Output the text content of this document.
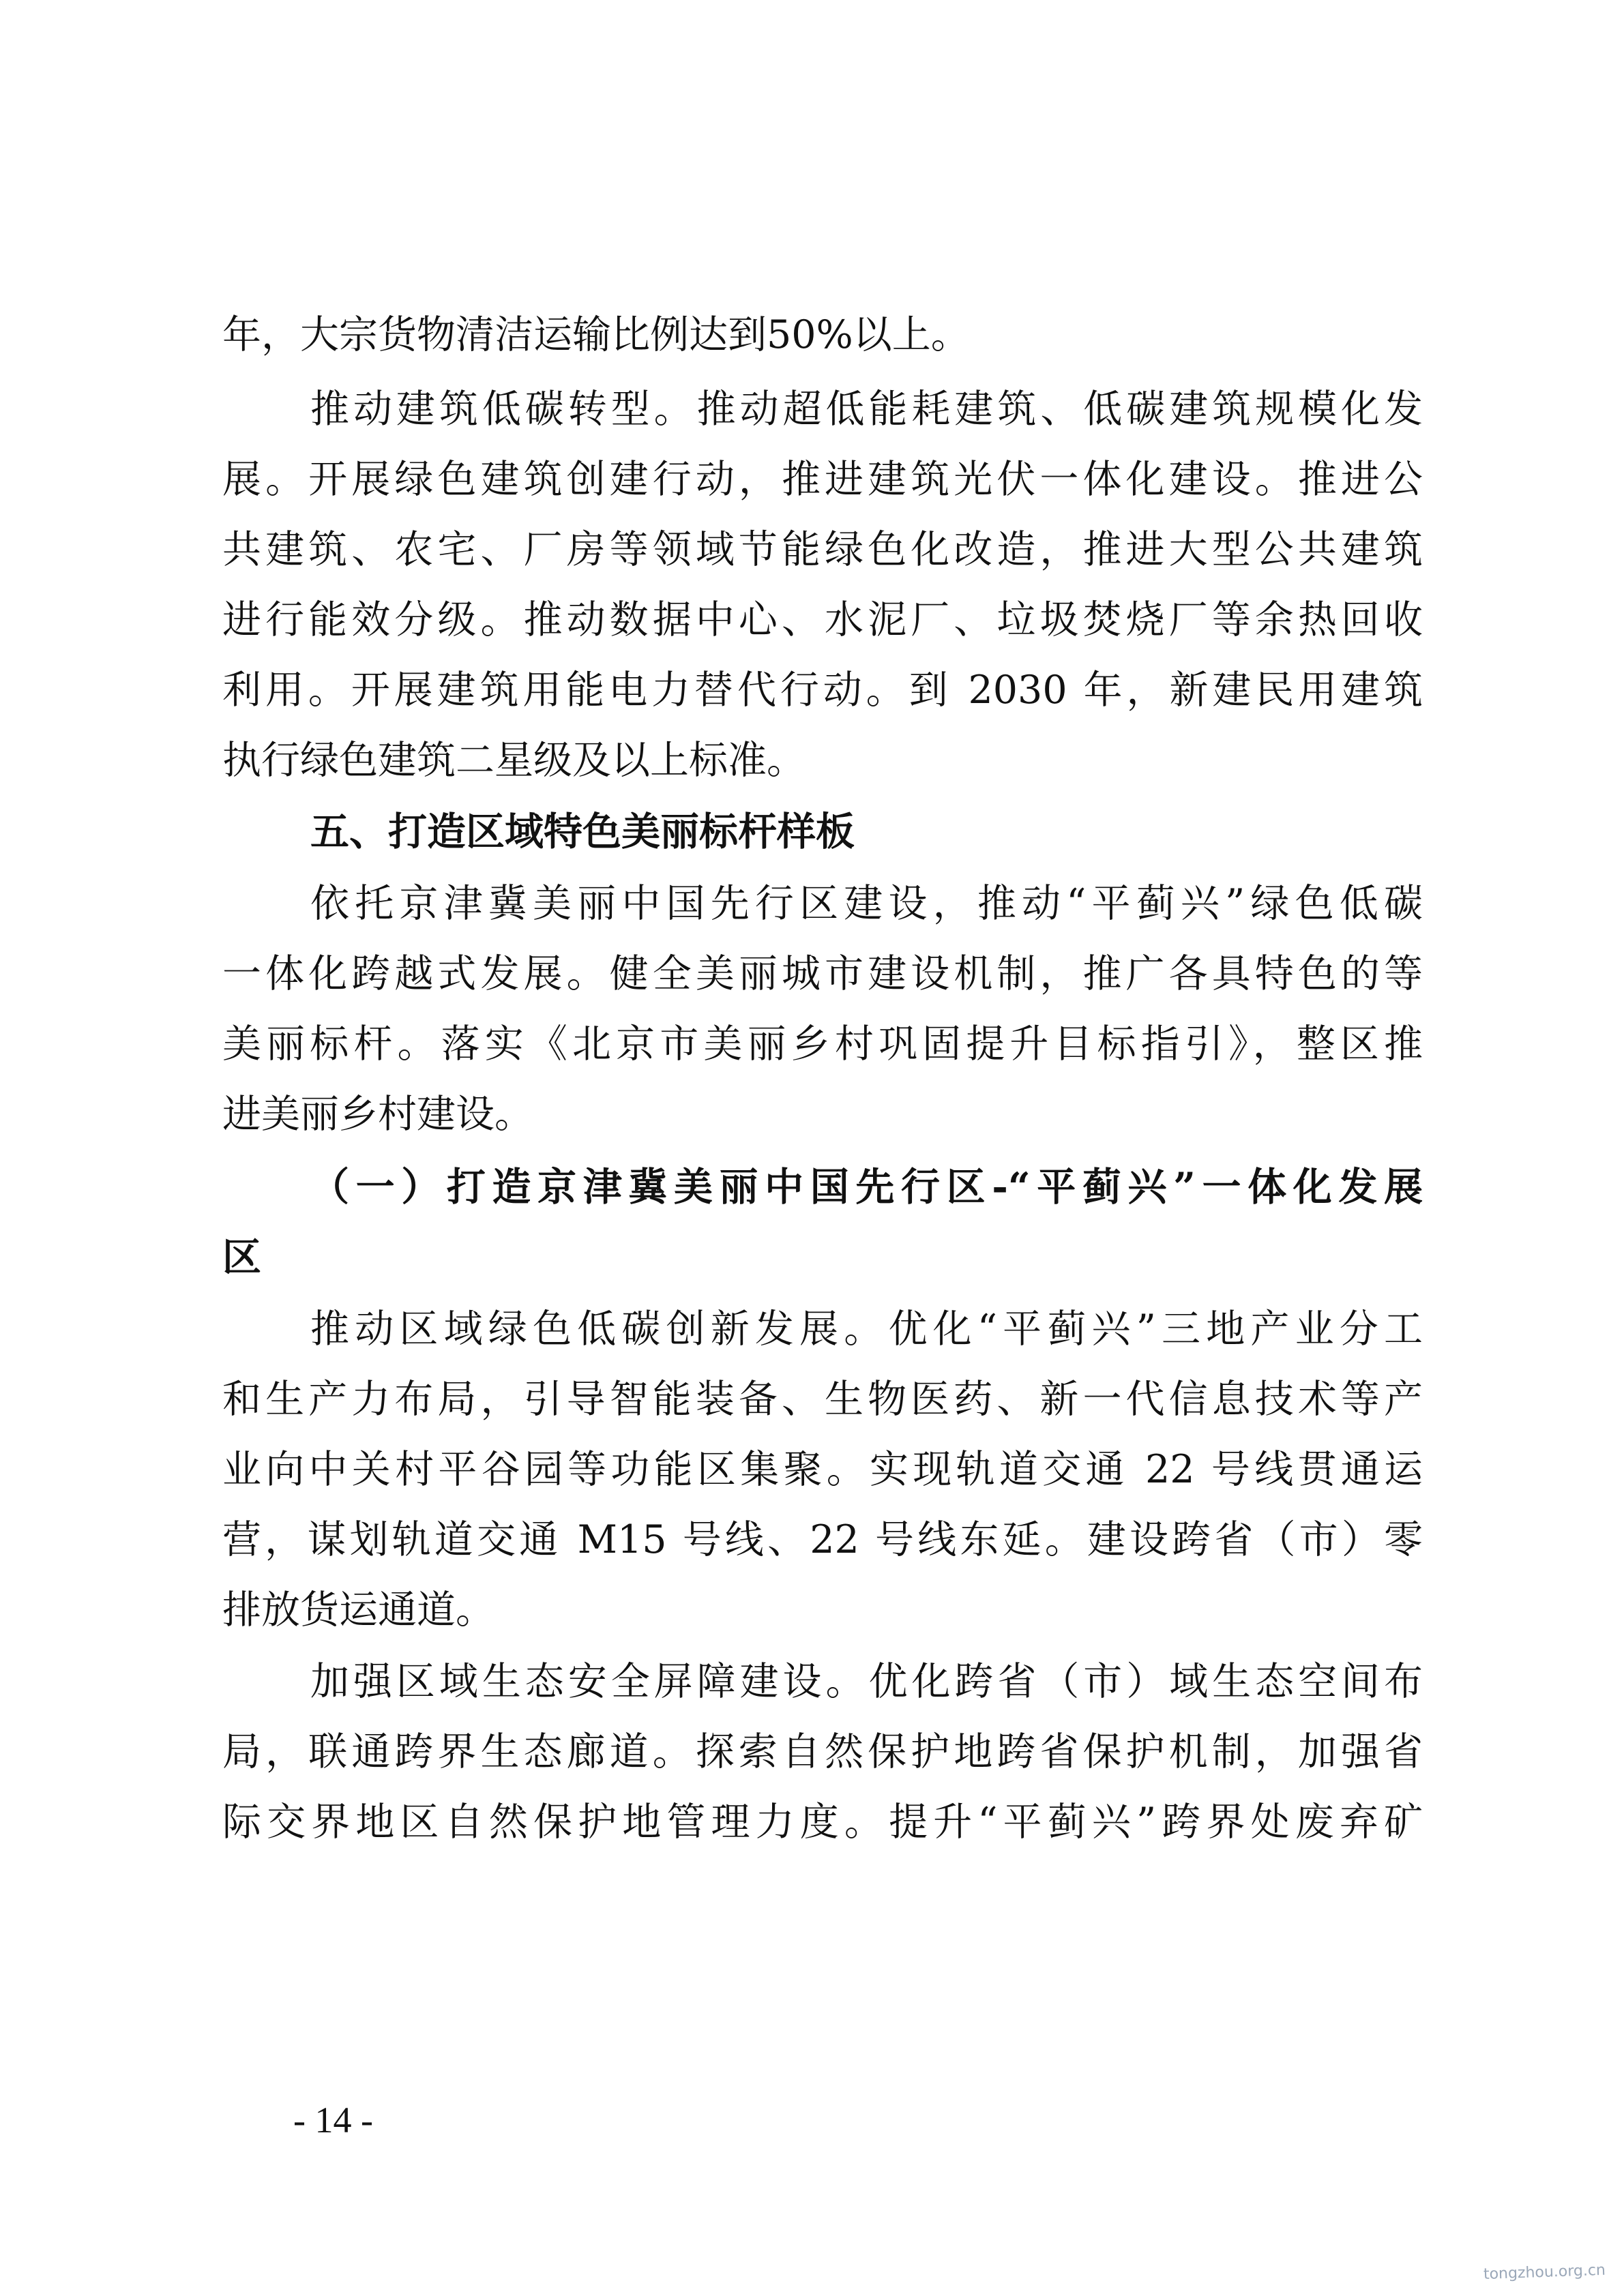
年，大宗货物清洁运输比例达到50%以上。
推动建筑低碳转型。推动超低能耗建筑、低碳建筑规模化发
展。开展绿色建筑创建行动，推进建筑光伏一体化建设。推进公
共建筑、农宅、厂房等领域节能绿色化改造，推进大型公共建筑
进行能效分级。推动数据中心、水泥厂、垃圾焚烧厂等余热回收
利用。开展建筑用能电力替代行动。到 2030 年，新建民用建筑
执行绿色建筑二星级及以上标准。
五、打造区域特色美丽标杆样板
依托京津冀美丽中国先行区建设，推动“平蓟兴”绿色低碳
一体化跨越式发展。健全美丽城市建设机制，推广各具特色的等
美丽标杆。落实《北京市美丽乡村巩固提升目标指引》，整区推
进美丽乡村建设。
（一）打造京津冀美丽中国先行区-“平蓟兴”一体化发展
区
推动区域绿色低碳创新发展。优化“平蓟兴”三地产业分工
和生产力布局，引导智能装备、生物医药、新一代信息技术等产
业向中关村平谷园等功能区集聚。实现轨道交通 22 号线贯通运
营，谋划轨道交通 M15 号线、22 号线东延。建设跨省（市）零
排放货运通道。
加强区域生态安全屏障建设。优化跨省（市）域生态空间布
局，联通跨界生态廊道。探索自然保护地跨省保护机制，加强省
际交界地区自然保护地管理力度。提升“平蓟兴”跨界处废弃矿
- 14 -
tongzhou.org.cn
